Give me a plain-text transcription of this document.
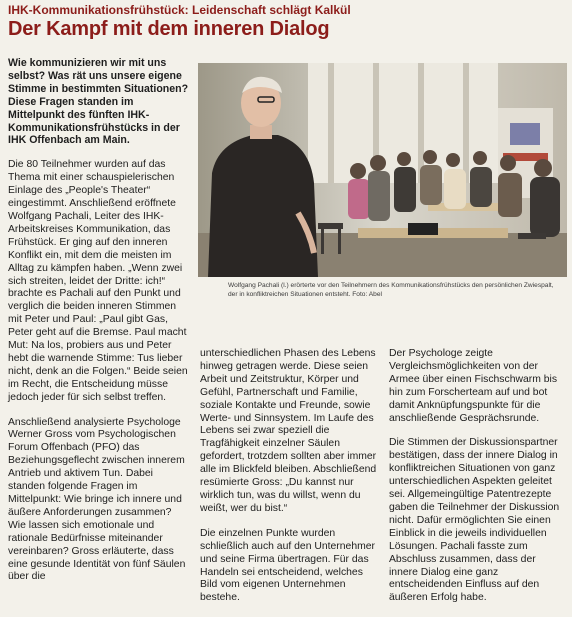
IHK-Kommunikationsfrühstück: Leidenschaft schlägt Kalkül
Der Kampf mit dem inneren Dialog

Wie kommunizieren wir mit uns selbst? Was rät uns unsere eigene Stimme in bestimmten Situationen? Diese Fragen standen im Mittelpunkt des fünften IHK-Kommunikationsfrühstücks in der IHK Offenbach am Main.

Die 80 Teilnehmer wurden auf das Thema mit einer schauspielerischen Einlage des „People's Theater“ eingestimmt. Anschließend eröffnete Wolfgang Pachali, Leiter des IHK-Arbeitskreises Kommunikation, das Frühstück. Er ging auf den inneren Konflikt ein, mit dem die meisten im Alltag zu kämpfen haben. „Wenn zwei sich streiten, leidet der Dritte: ich!“ brachte es Pachali auf den Punkt und verglich die beiden inneren Stimmen mit Peter und Paul: „Paul gibt Gas, Peter geht auf die Bremse. Paul macht Mut: Na los, probiers aus und Peter hebt die warnende Stimme: Tus lieber nicht, denk an die Folgen.“ Beide seien im Recht, die Entscheidung müsse jedoch jeder für sich selbst treffen.

Anschließend analysierte Psychologe Werner Gross vom Psychologischen Forum Offenbach (PFO) das Beziehungsgeflecht zwischen innerem Antrieb und aktivem Tun. Dabei standen folgende Fragen im Mittelpunkt: Wie bringe ich innere und äußere Anforderungen zusammen? Wie lassen sich emotionale und rationale Bedürfnisse miteinander vereinbaren? Gross erläuterte, dass eine gesunde Identität von fünf Säulen über die

Wolfgang Pachali (l.) erörterte vor den Teilnehmern des Kommunikationsfrühstücks den persönlichen Zwiespalt, der in konfliktreichen Situationen entsteht. Foto: Abel

unterschiedlichen Phasen des Lebens hinweg getragen werde. Diese seien Arbeit und Zeitstruktur, Körper und Gefühl, Partnerschaft und Familie, soziale Kontakte und Freunde, sowie Werte- und Sinnsystem. Im Laufe des Lebens sei zwar speziell die Tragfähigkeit einzelner Säulen gefordert, trotzdem sollten aber immer alle im Blickfeld bleiben. Abschließend resümierte Gross: „Du kannst nur wirklich tun, was du willst, wenn du weißt, wer du bist.“

Die einzelnen Punkte wurden schließlich auch auf den Unternehmer und seine Firma übertragen. Für das Handeln sei entscheidend, welches Bild vom eigenen Unternehmen bestehe.

Der Psychologe zeigte Vergleichsmöglichkeiten von der Armee über einen Fischschwarm bis hin zum Forscherteam auf und bot damit Anknüpfungspunkte für die anschließende Gesprächsrunde.

Die Stimmen der Diskussionspartner bestätigen, dass der innere Dialog in konfliktreichen Situationen von ganz unterschiedlichen Aspekten geleitet sei. Allgemeingültige Patentrezepte gaben die Teilnehmer der Diskussion nicht. Dafür ermöglichten Sie einen Einblick in die jeweils individuellen Lösungen. Pachali fasste zum Abschluss zusammen, dass der innere Dialog eine ganz entscheidenden Einfluss auf den äußeren Erfolg habe.
